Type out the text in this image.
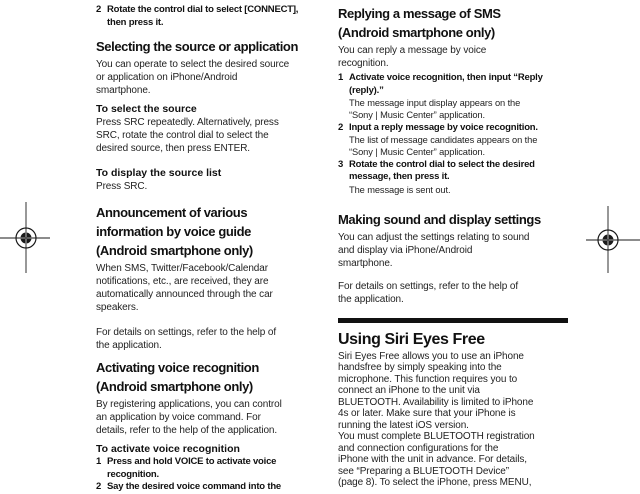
2 Rotate the control dial to select [CONNECT],
then press it.
Selecting the source or application

You can operate to select the desired source
or application on iPhone/Android
smartphone.

To select the source

Press SRC repeatedly. Alternatively, press
SRC, rotate the control dial to select the
desired source, then press ENTER.

To display the source list

Press SRC.

Announcement of various
information by voice guide
(Android smartphone only)

When SMS, Twitter/Facebook/Calendar
notifications, etc., are received, they are
automatically announced through the car
speakers.

For details on settings, refer to the help of
the application.

Activating voice recognition
(Android smartphone only)

By registering applications, you can control
an application by voice command. For
details, refer to the help of the application.

To activate voice recognition
1 Press and hold VOICE to activate voice
recognition.
2 Say the desired voice command into the
Replying a message of SMS
(Android smartphone only)

You can reply a message by voice
recognition.

1 Activate voice recognition, then input “Reply
(reply).”

The message input display appears on the
“Sony | Music Center” application.

2 Input a reply message by voice recognition.

The list of message candidates appears on the
“Sony | Music Center” application.

3 Rotate the control dial to select the desired
message, then press it.

The message is sent out.

Making sound and display settings

You can adjust the settings relating to sound
and display via iPhone/Android
smartphone.

For details on settings, refer to the help of
the application.

Using Siri Eyes Free

Siri Eyes Free allows you to use an iPhone
handsfree by simply speaking into the
microphone. This function requires you to
connect an iPhone to the unit via
BLUETOOTH. Availability is limited to iPhone
4s or later. Make sure that your iPhone is
running the latest iOS version.
You must complete BLUETOOTH registration
and connection configurations for the
iPhone with the unit in advance. For details,
see “Preparing a BLUETOOTH Device”
(page 8). To select the iPhone, press MENU,
